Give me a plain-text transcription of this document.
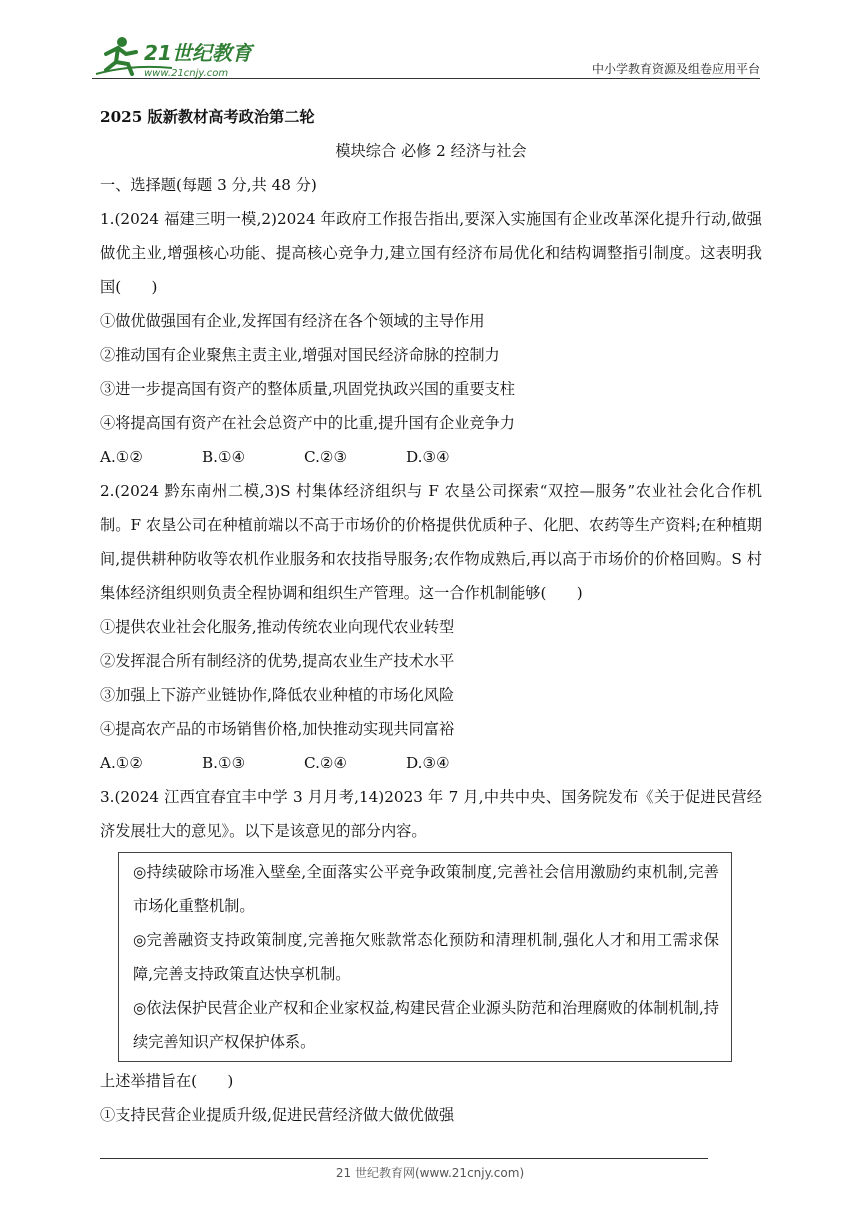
21世纪教育
www.21cnjy.com	中小学教育资源及组卷应用平台
2025 版新教材高考政治第二轮
模块综合 必修 2 经济与社会
一、选择题(每题 3 分,共 48 分)
1.(2024 福建三明一模,2)2024 年政府工作报告指出,要深入实施国有企业改革深化提升行动,做强做优主业,增强核心功能、提高核心竞争力,建立国有经济布局优化和结构调整指引制度。这表明我国(　　)
①做优做强国有企业,发挥国有经济在各个领域的主导作用
②推动国有企业聚焦主责主业,增强对国民经济命脉的控制力
③进一步提高国有资产的整体质量,巩固党执政兴国的重要支柱
④将提高国有资产在社会总资产中的比重,提升国有企业竞争力
A.①②	B.①④	C.②③	D.③④
2.(2024 黔东南州二模,3)S 村集体经济组织与 F 农垦公司探索“双控—服务”农业社会化合作机制。F 农垦公司在种植前端以不高于市场价的价格提供优质种子、化肥、农药等生产资料;在种植期间,提供耕种防收等农机作业服务和农技指导服务;农作物成熟后,再以高于市场价的价格回购。S 村集体经济组织则负责全程协调和组织生产管理。这一合作机制能够(　　)
①提供农业社会化服务,推动传统农业向现代农业转型
②发挥混合所有制经济的优势,提高农业生产技术水平
③加强上下游产业链协作,降低农业种植的市场化风险
④提高农产品的市场销售价格,加快推动实现共同富裕
A.①②	B.①③	C.②④	D.③④
3.(2024 江西宜春宜丰中学 3 月月考,14)2023 年 7 月,中共中央、国务院发布《关于促进民营经济发展壮大的意见》。以下是该意见的部分内容。
◎持续破除市场准入壁垒,全面落实公平竞争政策制度,完善社会信用激励约束机制,完善市场化重整机制。
◎完善融资支持政策制度,完善拖欠账款常态化预防和清理机制,强化人才和用工需求保障,完善支持政策直达快享机制。
◎依法保护民营企业产权和企业家权益,构建民营企业源头防范和治理腐败的体制机制,持续完善知识产权保护体系。
上述举措旨在(　　)
①支持民营企业提质升级,促进民营经济做大做优做强
21 世纪教育网(www.21cnjy.com)
